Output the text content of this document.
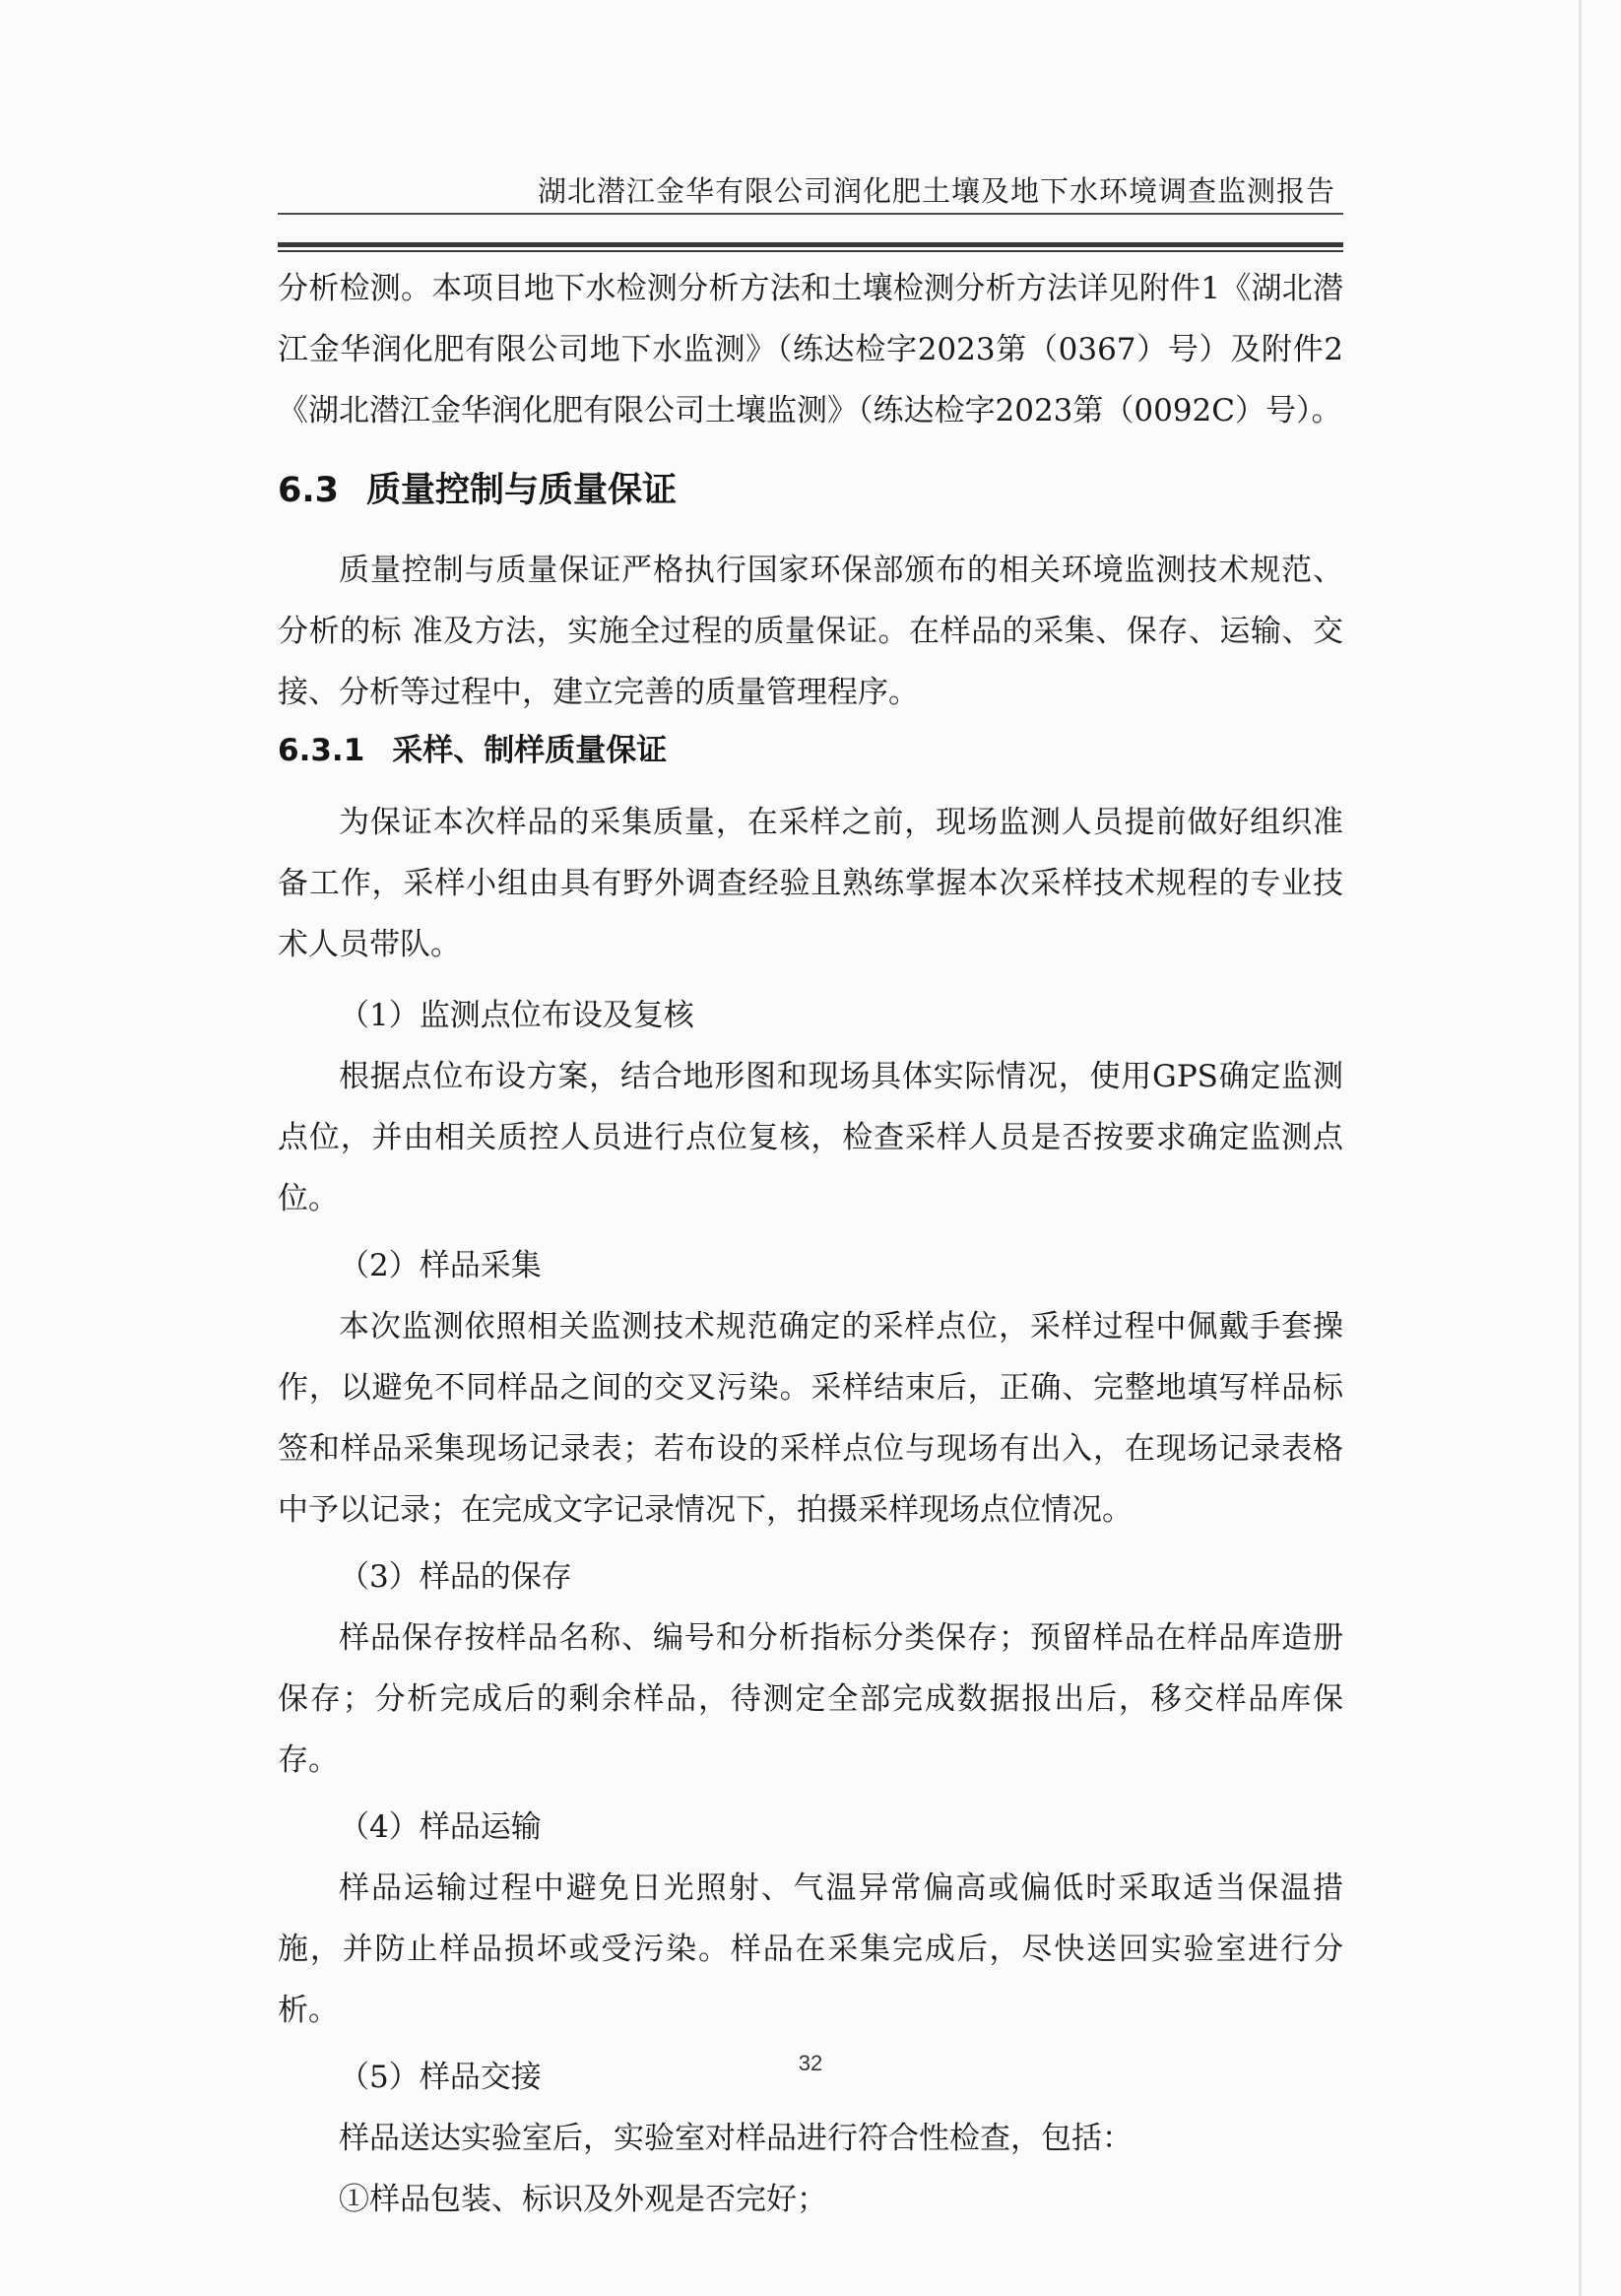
湖北潜江金华有限公司润化肥土壤及地下水环境调查监测报告

分析检测。本项目地下水检测分析方法和土壤检测分析方法详见附件1《湖北潜江金华润化肥有限公司地下水监测》（练达检字2023第（0367）号）及附件2《湖北潜江金华润化肥有限公司土壤监测》（练达检字2023第（0092C）号）。

6.3 质量控制与质量保证

质量控制与质量保证严格执行国家环保部颁布的相关环境监测技术规范、分析的标 准及方法，实施全过程的质量保证。在样品的采集、保存、运输、交接、分析等过程中，建立完善的质量管理程序。

6.3.1 采样、制样质量保证

为保证本次样品的采集质量，在采样之前，现场监测人员提前做好组织准备工作，采样小组由具有野外调查经验且熟练掌握本次采样技术规程的专业技术人员带队。

（1）监测点位布设及复核

根据点位布设方案，结合地形图和现场具体实际情况，使用GPS确定监测点位，并由相关质控人员进行点位复核，检查采样人员是否按要求确定监测点位。

（2）样品采集

本次监测依照相关监测技术规范确定的采样点位，采样过程中佩戴手套操作，以避免不同样品之间的交叉污染。采样结束后，正确、完整地填写样品标签和样品采集现场记录表；若布设的采样点位与现场有出入，在现场记录表格中予以记录；在完成文字记录情况下，拍摄采样现场点位情况。

（3）样品的保存

样品保存按样品名称、编号和分析指标分类保存；预留样品在样品库造册保存；分析完成后的剩余样品，待测定全部完成数据报出后，移交样品库保存。

（4）样品运输

样品运输过程中避免日光照射、气温异常偏高或偏低时采取适当保温措施，并防止样品损坏或受污染。样品在采集完成后，尽快送回实验室进行分析。

（5）样品交接

样品送达实验室后，实验室对样品进行符合性检查，包括：

①样品包装、标识及外观是否完好；

32
